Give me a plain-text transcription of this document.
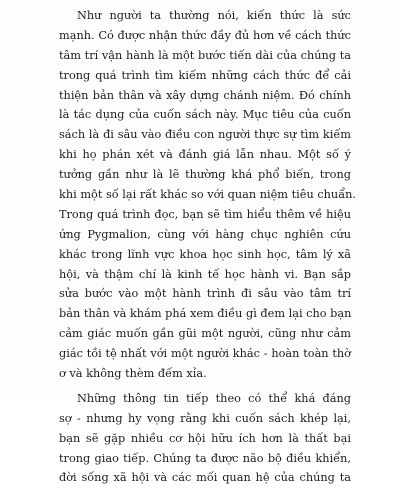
Như người ta thường nói, kiến thức là sức
mạnh. Có được nhận thức đầy đủ hơn về cách thức
tâm trí vận hành là một bước tiến dài của chúng ta
trong quá trình tìm kiếm những cách thức để cải
thiện bản thân và xây dựng chánh niệm. Đó chính
là tác dụng của cuốn sách này. Mục tiêu của cuốn
sách là đi sâu vào điều con người thực sự tìm kiếm
khi họ phán xét và đánh giá lẫn nhau. Một số ý
tưởng gần như là lẽ thường khá phổ biến, trong
khi một số lại rất khác so với quan niệm tiêu chuẩn.
Trong quá trình đọc, bạn sẽ tìm hiểu thêm về hiệu
ứng Pygmalion, cùng với hàng chục nghiên cứu
khác trong lĩnh vực khoa học sinh học, tâm lý xã
hội, và thậm chí là kinh tế học hành vi. Bạn sắp
sửa bước vào một hành trình đi sâu vào tâm trí
bản thân và khám phá xem điều gì đem lại cho bạn
cảm giác muốn gần gũi một người, cũng như cảm
giác tồi tệ nhất với một người khác - hoàn toàn thờ
ơ và không thèm đếm xỉa.

Những thông tin tiếp theo có thể khá đáng
sợ - nhưng hy vọng rằng khi cuốn sách khép lại,
bạn sẽ gặp nhiều cơ hội hữu ích hơn là thất bại
trong giao tiếp. Chúng ta được não bộ điều khiển,
đời sống xã hội và các mối quan hệ của chúng ta
